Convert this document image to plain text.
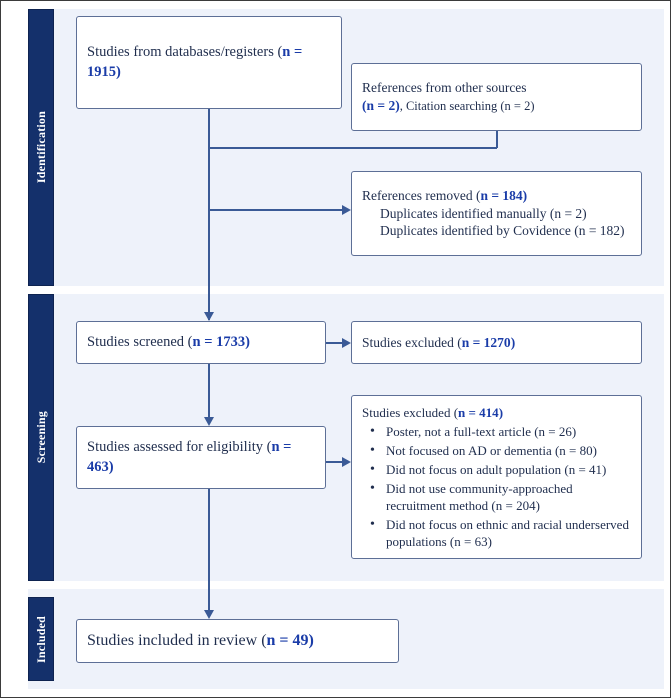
Identification
Screening
Included
Studies from databases/registers (n = 1915)
References from other sources
(n = 2), Citation searching (n = 2)
References removed (n = 184)
Duplicates identified manually (n = 2)
Duplicates identified by Covidence (n = 182)
Studies screened (n = 1733)	Studies excluded (n = 1270)
Studies assessed for eligibility (n = 463)
Studies excluded (n = 414)
• Poster, not a full-text article (n = 26)
• Not focused on AD or dementia (n = 80)
• Did not focus on adult population (n = 41)
• Did not use community-approached recruitment method (n = 204)
• Did not focus on ethnic and racial underserved populations (n = 63)
Studies included in review (n = 49)
